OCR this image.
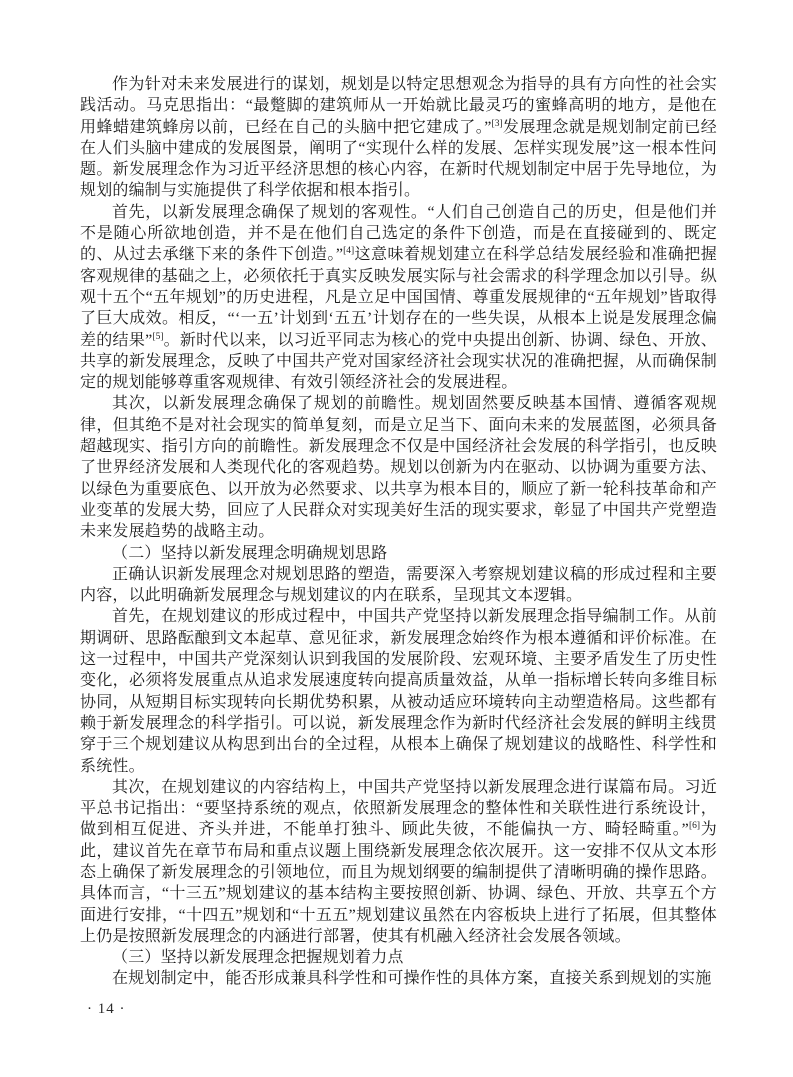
作为针对未来发展进行的谋划，规划是以特定思想观念为指导的具有方向性的社会实践活动。马克思指出：“最蹩脚的建筑师从一开始就比最灵巧的蜜蜂高明的地方，是他在用蜂蜡建筑蜂房以前，已经在自己的头脑中把它建成了。”[3]发展理念就是规划制定前已经在人们头脑中建成的发展图景，阐明了“实现什么样的发展、怎样实现发展”这一根本性问题。新发展理念作为习近平经济思想的核心内容，在新时代规划制定中居于先导地位，为规划的编制与实施提供了科学依据和根本指引。

首先，以新发展理念确保了规划的客观性。“人们自己创造自己的历史，但是他们并不是随心所欲地创造，并不是在他们自己选定的条件下创造，而是在直接碰到的、既定的、从过去承继下来的条件下创造。”[4]这意味着规划建立在科学总结发展经验和准确把握客观规律的基础之上，必须依托于真实反映发展实际与社会需求的科学理念加以引导。纵观十五个“五年规划”的历史进程，凡是立足中国国情、尊重发展规律的“五年规划”皆取得了巨大成效。相反，“‘一五’计划到‘五五’计划存在的一些失误，从根本上说是发展理念偏差的结果”[5]。新时代以来，以习近平同志为核心的党中央提出创新、协调、绿色、开放、共享的新发展理念，反映了中国共产党对国家经济社会现实状况的准确把握，从而确保制定的规划能够尊重客观规律、有效引领经济社会的发展进程。

其次，以新发展理念确保了规划的前瞻性。规划固然要反映基本国情、遵循客观规律，但其绝不是对社会现实的简单复刻，而是立足当下、面向未来的发展蓝图，必须具备超越现实、指引方向的前瞻性。新发展理念不仅是中国经济社会发展的科学指引，也反映了世界经济发展和人类现代化的客观趋势。规划以创新为内在驱动、以协调为重要方法、以绿色为重要底色、以开放为必然要求、以共享为根本目的，顺应了新一轮科技革命和产业变革的发展大势，回应了人民群众对实现美好生活的现实要求，彰显了中国共产党塑造未来发展趋势的战略主动。

（二）坚持以新发展理念明确规划思路

正确认识新发展理念对规划思路的塑造，需要深入考察规划建议稿的形成过程和主要内容，以此明确新发展理念与规划建议的内在联系，呈现其文本逻辑。

首先，在规划建议的形成过程中，中国共产党坚持以新发展理念指导编制工作。从前期调研、思路酝酿到文本起草、意见征求，新发展理念始终作为根本遵循和评价标准。在这一过程中，中国共产党深刻认识到我国的发展阶段、宏观环境、主要矛盾发生了历史性变化，必须将发展重点从追求发展速度转向提高质量效益，从单一指标增长转向多维目标协同，从短期目标实现转向长期优势积累，从被动适应环境转向主动塑造格局。这些都有赖于新发展理念的科学指引。可以说，新发展理念作为新时代经济社会发展的鲜明主线贯穿于三个规划建议从构思到出台的全过程，从根本上确保了规划建议的战略性、科学性和系统性。

其次，在规划建议的内容结构上，中国共产党坚持以新发展理念进行谋篇布局。习近平总书记指出：“要坚持系统的观点，依照新发展理念的整体性和关联性进行系统设计，做到相互促进、齐头并进，不能单打独斗、顾此失彼，不能偏执一方、畸轻畸重。”[6]为此，建议首先在章节布局和重点议题上围绕新发展理念依次展开。这一安排不仅从文本形态上确保了新发展理念的引领地位，而且为规划纲要的编制提供了清晰明确的操作思路。具体而言，“十三五”规划建议的基本结构主要按照创新、协调、绿色、开放、共享五个方面进行安排，“十四五”规划和“十五五”规划建议虽然在内容板块上进行了拓展，但其整体上仍是按照新发展理念的内涵进行部署，使其有机融入经济社会发展各领域。

（三）坚持以新发展理念把握规划着力点

在规划制定中，能否形成兼具科学性和可操作性的具体方案，直接关系到规划的实施

· 14 ·
